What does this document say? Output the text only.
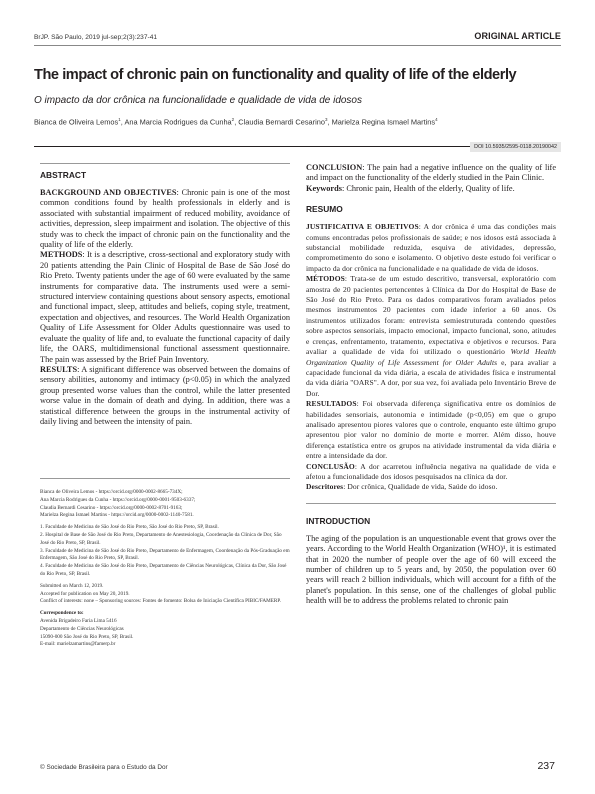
BrJP. São Paulo, 2019 jul-sep;2(3):237-41	ORIGINAL ARTICLE
The impact of chronic pain on functionality and quality of life of the elderly
O impacto da dor crônica na funcionalidade e qualidade de vida de idosos
Bianca de Oliveira Lemos$^1$, Ana Marcia Rodrigues da Cunha$^2$, Claudia Bernardi Cesarino$^3$, Marielza Regina Ismael Martins$^4$
DOI 10.5935/2595-0118.20190042
ABSTRACT

BACKGROUND AND OBJECTIVES: Chronic pain is one of the most common conditions found by health professionals in elderly and is associated with substantial impairment of reduced mobility, avoidance of activities, depression, sleep impairment and isolation. The objective of this study was to check the impact of chronic pain on the functionality and the quality of life of the elderly.

METHODS: It is a descriptive, cross-sectional and exploratory study with 20 patients attending the Pain Clinic of Hospital de Base de São José do Rio Preto. Twenty patients under the age of 60 were evaluated by the same instruments for comparative data. The instruments used were a semi-structured interview containing questions about sensory aspects, emotional and functional impact, sleep, attitudes and beliefs, coping style, treatment, expectation and objectives, and resources. The World Health Organization Quality of Life Assessment for Older Adults questionnaire was used to evaluate the quality of life and, to evaluate the functional capacity of daily life, the OARS, multidimensional functional assessment questionnaire. The pain was assessed by the Brief Pain Inventory.

RESULTS: A significant difference was observed between the domains of sensory abilities, autonomy and intimacy (p<0.05) in which the analyzed group presented worse values than the control, while the latter presented worse value in the domain of death and dying. In addition, there was a statistical difference between the groups in the instrumental activity of daily living and between the intensity of pain.

Bianca de Oliveira Lemos - https://orcid.org/0000-0002-8665-734X;
Ana Marcia Rodrigues da Cunha - https://orcid.org/0000-0001-9503-6337;
Claudia Bernardi Cesarino - https://orcid.org/0000-0002-8701-9163;
Marielza Regina Ismael Martins - https://orcid.org/0000-0002-1140-7581.
1. Faculdade de Medicina de São José do Rio Preto, São José do Rio Preto, SP, Brasil.
2. Hospital de Base de São José do Rio Preto, Departamento de Anestesiologia, Coordenação da Clínica de Dor, São José do Rio Preto, SP, Brasil.
3. Faculdade de Medicina de São José do Rio Preto, Departamento de Enfermagem, Coordenação da Pós-Graduação em Enfermagem, São José do Rio Preto, SP, Brasil.
4. Faculdade de Medicina de São José do Rio Preto, Departamento de Ciências Neurológicas, Clínica da Dor, São José do Rio Preto, SP, Brasil.
Submitted on March 12, 2019.
Accepted for publication on May 20, 2019.
Conflict of interests: none – Sponsoring sources: Fontes de fomento: Bolsa de Iniciação Científica PIBIC/FAMERP.
Correspondence to:
Avenida Brigadeiro Faria Lima 5416
Departamento de Ciências Neurológicas
15090-000 São José do Rio Preto, SP, Brasil.
E-mail: marielzamartins@famerp.br
© Sociedade Brasileira para o Estudo da Dor

CONCLUSION: The pain had a negative influence on the quality of life and impact on the functionality of the elderly studied in the Pain Clinic.

Keywords: Chronic pain, Health of the elderly, Quality of life.

RESUMO

JUSTIFICATIVA E OBJETIVOS: A dor crônica é uma das condições mais comuns encontradas pelos profissionais de saúde; e nos idosos está associada à substancial mobilidade reduzida, esquiva de atividades, depressão, comprometimento do sono e isolamento. O objetivo deste estudo foi verificar o impacto da dor crônica na funcionalidade e na qualidade de vida de idosos.

MÉTODOS: Trata-se de um estudo descritivo, transversal, exploratório com amostra de 20 pacientes pertencentes à Clínica da Dor do Hospital de Base de São José do Rio Preto. Para os dados comparativos foram avaliados pelos mesmos instrumentos 20 pacientes com idade inferior a 60 anos. Os instrumentos utilizados foram: entrevista semiestruturada contendo questões sobre aspectos sensoriais, impacto emocional, impacto funcional, sono, atitudes e crenças, enfrentamento, tratamento, expectativa e objetivos e recursos. Para avaliar a qualidade de vida foi utilizado o questionário World Health Organization Quality of Life Assessment for Older Adults e, para avaliar a capacidade funcional da vida diária, a escala de atividades física e instrumental da vida diária "OARS". A dor, por sua vez, foi avaliada pelo Inventário Breve de Dor.

RESULTADOS: Foi observada diferença significativa entre os domínios de habilidades sensoriais, autonomia e intimidade (p<0,05) em que o grupo analisado apresentou piores valores que o controle, enquanto este último grupo apresentou pior valor no domínio de morte e morrer. Além disso, houve diferença estatística entre os grupos na atividade instrumental da vida diária e entre a intensidade da dor.

CONCLUSÃO: A dor acarretou influência negativa na qualidade de vida e afetou a funcionalidade dos idosos pesquisados na clínica da dor.

Descritores: Dor crônica, Qualidade de vida, Saúde do idoso.

INTRODUCTION

The aging of the population is an unquestionable event that grows over the years. According to the World Health Organization (WHO)¹, it is estimated that in 2020 the number of people over the age of 60 will exceed the number of children up to 5 years and, by 2050, the population over 60 years will reach 2 billion individuals, which will account for a fifth of the planet's population. In this sense, one of the challenges of global public health will be to address the problems related to chronic pain

237
